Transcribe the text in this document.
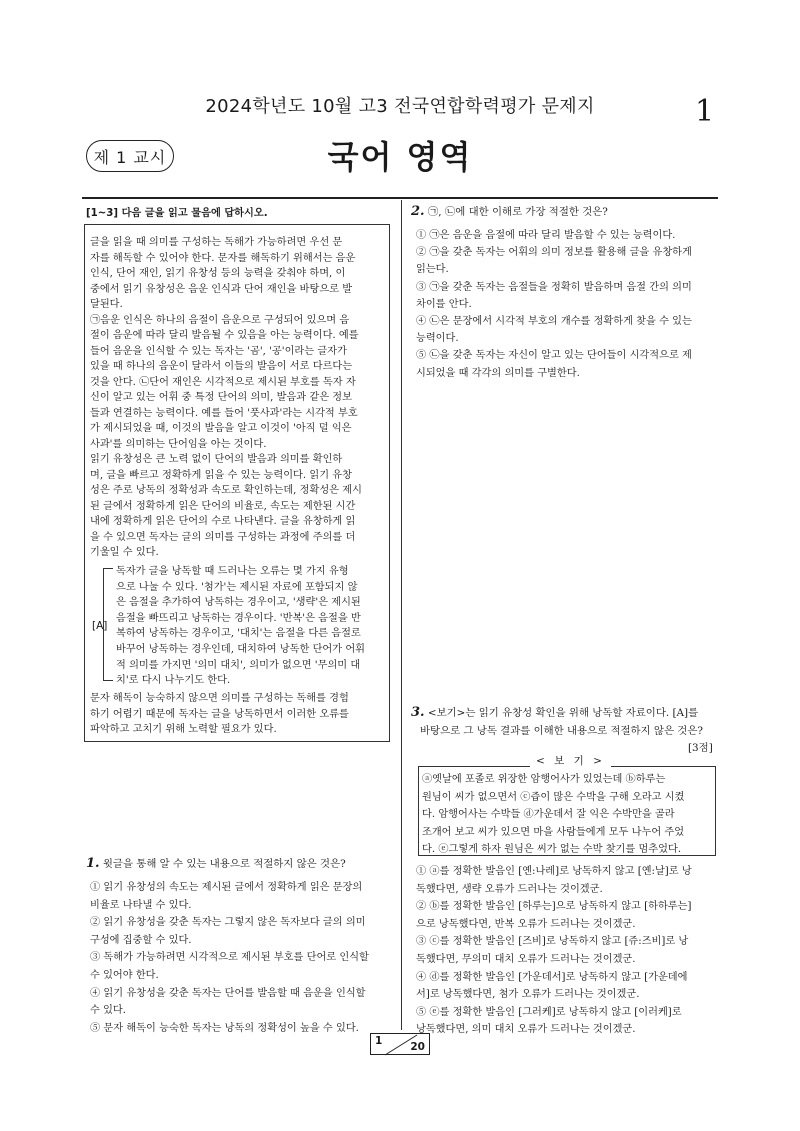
2024학년도 10월 고3 전국연합학력평가 문제지	1
제 1 교시	국어 영역
[1~3] 다음 글을 읽고 물음에 답하시오.
글을 읽을 때 의미를 구성하는 독해가 가능하려면 우선 문
자를 해독할 수 있어야 한다. 문자를 해독하기 위해서는 음운
인식, 단어 재인, 읽기 유창성 등의 능력을 갖춰야 하며, 이
중에서 읽기 유창성은 음운 인식과 단어 재인을 바탕으로 발
달된다.
㉠음운 인식은 하나의 음절이 음운으로 구성되어 있으며 음
절이 음운에 따라 달리 발음될 수 있음을 아는 능력이다. 예를
들어 음운을 인식할 수 있는 독자는 '곰', '공'이라는 글자가
있을 때 하나의 음운이 달라서 이들의 발음이 서로 다르다는
것을 안다. ㉡단어 재인은 시각적으로 제시된 부호를 독자 자
신이 알고 있는 어휘 중 특정 단어의 의미, 발음과 같은 정보
들과 연결하는 능력이다. 예를 들어 '풋사과'라는 시각적 부호
가 제시되었을 때, 이것의 발음을 알고 이것이 '아직 덜 익은
사과'를 의미하는 단어임을 아는 것이다.
읽기 유창성은 큰 노력 없이 단어의 발음과 의미를 확인하
며, 글을 빠르고 정확하게 읽을 수 있는 능력이다. 읽기 유창
성은 주로 낭독의 정확성과 속도로 확인하는데, 정확성은 제시
된 글에서 정확하게 읽은 단어의 비율로, 속도는 제한된 시간
내에 정확하게 읽은 단어의 수로 나타낸다. 글을 유창하게 읽
을 수 있으면 독자는 글의 의미를 구성하는 과정에 주의를 더
기울일 수 있다.
독자가 글을 낭독할 때 드러나는 오류는 몇 가지 유형
으로 나눌 수 있다. '첨가'는 제시된 자료에 포함되지 않
은 음절을 추가하여 낭독하는 경우이고, '생략'은 제시된
음절을 빠뜨리고 낭독하는 경우이다. '반복'은 음절을 반
복하여 낭독하는 경우이고, '대치'는 음절을 다른 음절로
바꾸어 낭독하는 경우인데, 대치하여 낭독한 단어가 어휘
적 의미를 가지면 '의미 대치', 의미가 없으면 '무의미 대
치'로 다시 나누기도 한다.
문자 해독이 능숙하지 않으면 의미를 구성하는 독해를 경험
하기 어렵기 때문에 독자는 글을 낭독하면서 이러한 오류를
파악하고 고치기 위해 노력할 필요가 있다.
[A]
1. 윗글을 통해 알 수 있는 내용으로 적절하지 않은 것은?
① 읽기 유창성의 속도는 제시된 글에서 정확하게 읽은 문장의
비율로 나타낼 수 있다.
② 읽기 유창성을 갖춘 독자는 그렇지 않은 독자보다 글의 의미
구성에 집중할 수 있다.
③ 독해가 가능하려면 시각적으로 제시된 부호를 단어로 인식할
수 있어야 한다.
④ 읽기 유창성을 갖춘 독자는 단어를 발음할 때 음운을 인식할
수 있다.
⑤ 문자 해독이 능숙한 독자는 낭독의 정확성이 높을 수 있다.
2. ㉠, ㉡에 대한 이해로 가장 적절한 것은?
① ㉠은 음운을 음절에 따라 달리 발음할 수 있는 능력이다.
② ㉠을 갖춘 독자는 어휘의 의미 정보를 활용해 글을 유창하게
읽는다.
③ ㉠을 갖춘 독자는 음절들을 정확히 발음하며 음절 간의 의미
차이를 안다.
④ ㉡은 문장에서 시각적 부호의 개수를 정확하게 찾을 수 있는
능력이다.
⑤ ㉡을 갖춘 독자는 자신이 알고 있는 단어들이 시각적으로 제
시되었을 때 각각의 의미를 구별한다.
3. <보기>는 읽기 유창성 확인을 위해 낭독할 자료이다. [A]를
바탕으로 그 낭독 결과를 이해한 내용으로 적절하지 않은 것은?
[3점]
< 보 기 >
ⓐ옛날에 포졸로 위장한 암행어사가 있었는데 ⓑ하루는
원님이 씨가 없으면서 ⓒ즙이 많은 수박을 구해 오라고 시켰
다. 암행어사는 수박들 ⓓ가운데서 잘 익은 수박만을 골라
조개어 보고 씨가 있으면 마을 사람들에게 모두 나누어 주었
다. ⓔ그렇게 하자 원님은 씨가 없는 수박 찾기를 멈추었다.
① ⓐ를 정확한 발음인 [옌:나레]로 낭독하지 않고 [옌:날]로 낭
독했다면, 생략 오류가 드러나는 것이겠군.
② ⓑ를 정확한 발음인 [하루는]으로 낭독하지 않고 [하하루는]
으로 낭독했다면, 반복 오류가 드러나는 것이겠군.
③ ⓒ를 정확한 발음인 [즈비]로 낭독하지 않고 [쥬:즈비]로 낭
독했다면, 무의미 대치 오류가 드러나는 것이겠군.
④ ⓓ를 정확한 발음인 [가운데서]로 낭독하지 않고 [가운데에
서]로 낭독했다면, 첨가 오류가 드러나는 것이겠군.
⑤ ⓔ를 정확한 발음인 [그러케]로 낭독하지 않고 [이러케]로
낭독했다면, 의미 대치 오류가 드러나는 것이겠군.
1	20
